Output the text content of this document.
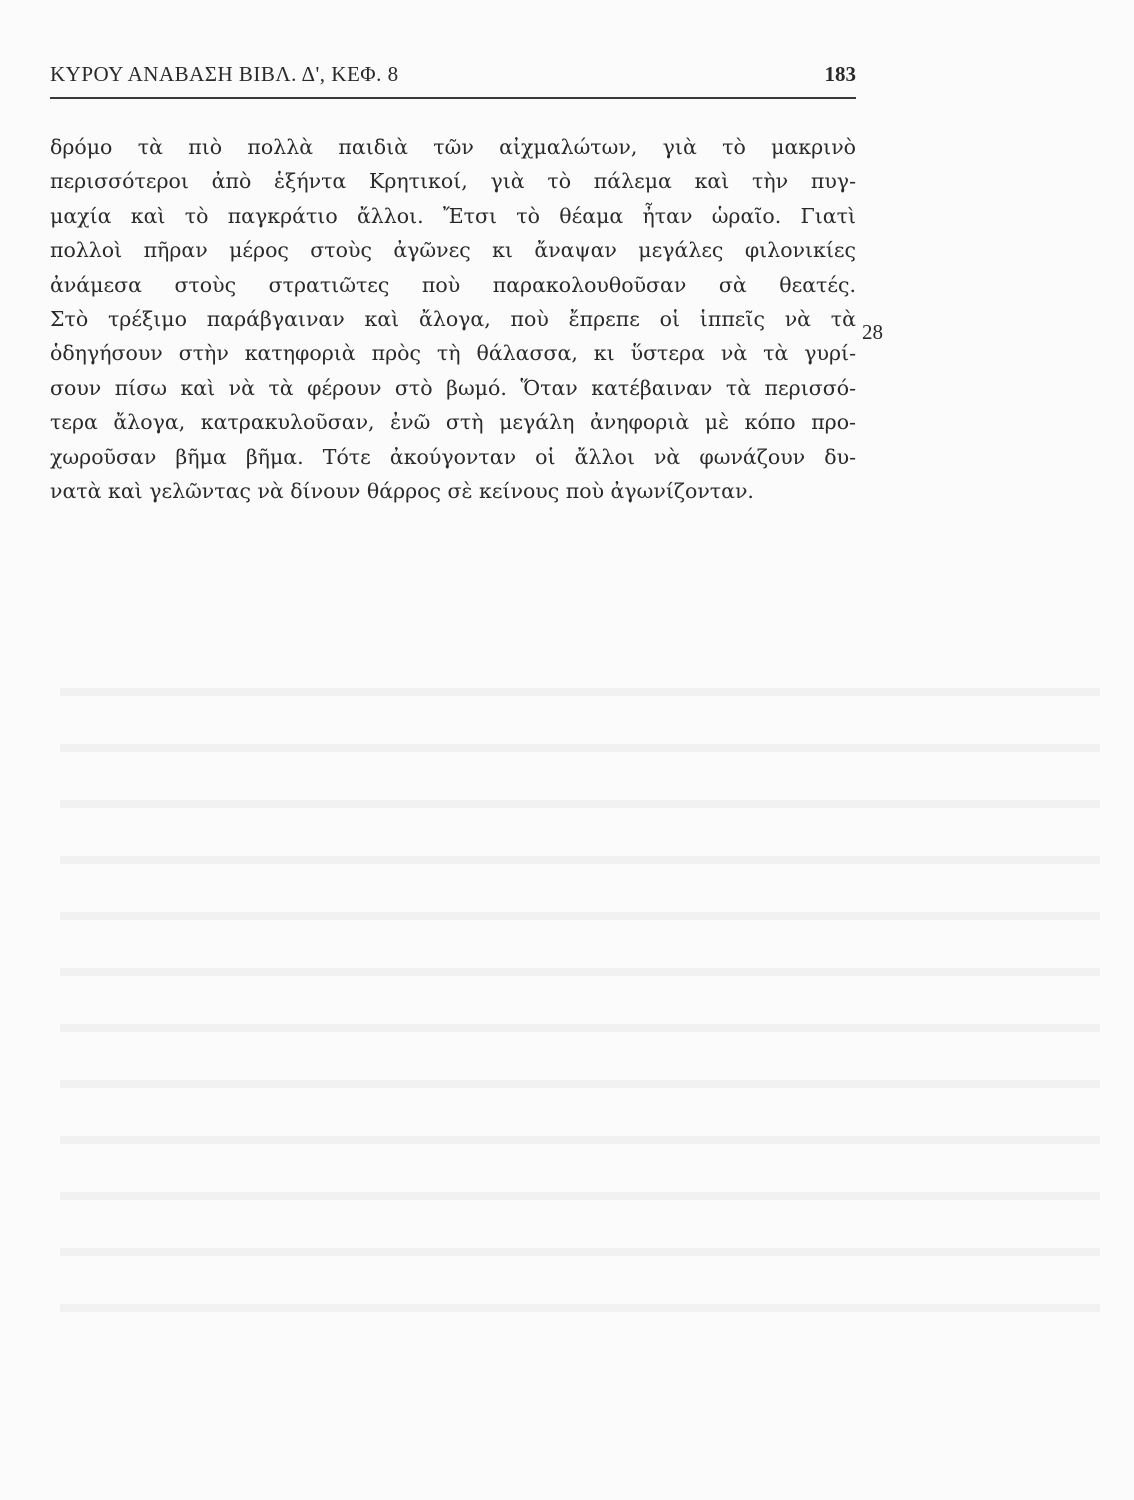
ΚΥΡΟΥ ΑΝΑΒΑΣΗ ΒΙΒΛ. Δ', ΚΕΦ. 8	183
δρόμο τὰ πιὸ πολλὰ παιδιὰ τῶν αἰχμαλώτων, γιὰ τὸ μακρινὸ
περισσότεροι ἀπὸ ἑξήντα Κρητικοί, γιὰ τὸ πάλεμα καὶ τὴν πυγ-
μαχία καὶ τὸ παγκράτιο ἄλλοι. Ἔτσι τὸ θέαμα ἦταν ὡραῖο. Γιατὶ
πολλοὶ πῆραν μέρος στοὺς ἀγῶνες κι ἄναψαν μεγάλες φιλονικίες
ἀνάμεσα στοὺς στρατιῶτες ποὺ παρακολουθοῦσαν σὰ θεατές.
Στὸ τρέξιμο παράβγαιναν καὶ ἄλογα, ποὺ ἔπρεπε οἱ ἱππεῖς νὰ τὰ
ὁδηγήσουν στὴν κατηφοριὰ πρὸς τὴ θάλασσα, κι ὕστερα νὰ τὰ γυρί-
σουν πίσω καὶ νὰ τὰ φέρουν στὸ βωμό. Ὅταν κατέβαιναν τὰ περισσό-
τερα ἄλογα, κατρακυλοῦσαν, ἐνῶ στὴ μεγάλη ἀνηφοριὰ μὲ κόπο προ-
χωροῦσαν βῆμα βῆμα. Τότε ἀκούγονταν οἱ ἄλλοι νὰ φωνάζουν δυ-
νατὰ καὶ γελῶντας νὰ δίνουν θάρρος σὲ κείνους ποὺ ἀγωνίζονταν.
28
